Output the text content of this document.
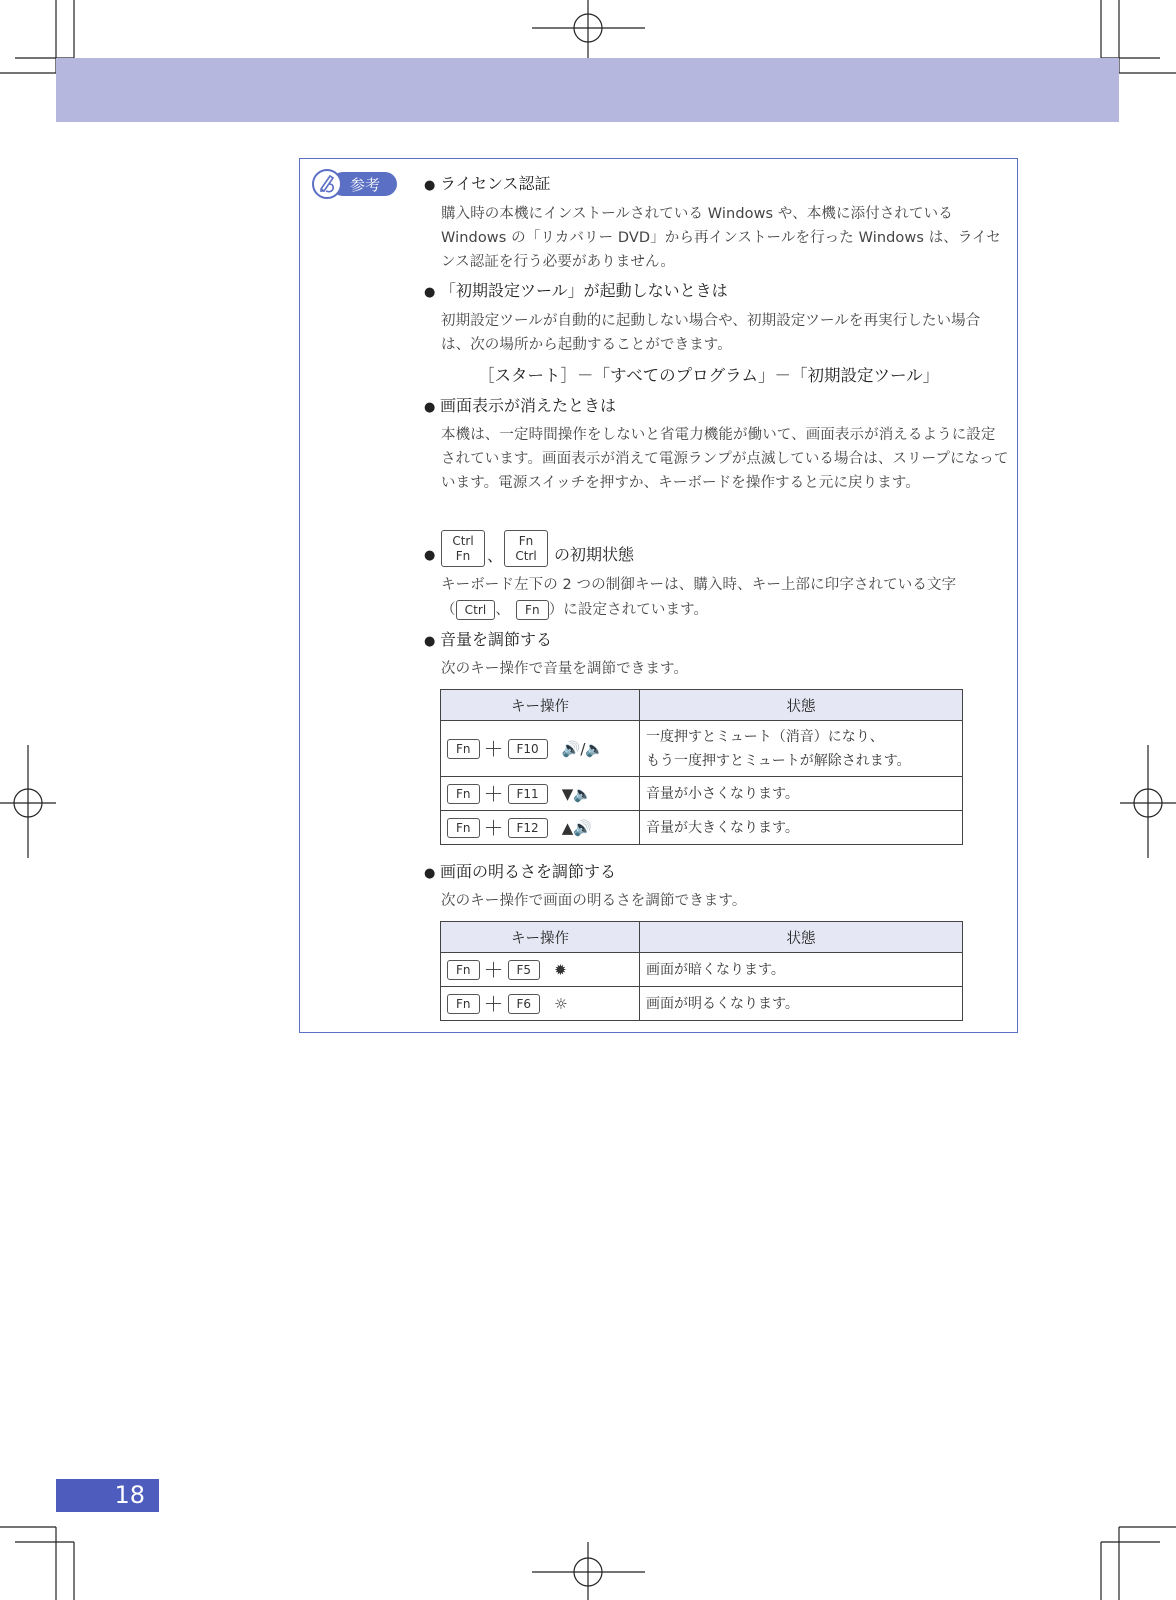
参考	● ライセンス認証
購入時の本機にインストールされている Windows や、本機に添付されている Windows の「リカバリー DVD」から再インストールを行った Windows は、ライセンス認証を行う必要がありません。
● 「初期設定ツール」が起動しないときは
初期設定ツールが自動的に起動しない場合や、初期設定ツールを再実行したい場合は、次の場所から起動することができます。
［スタート］－「すべてのプログラム」－「初期設定ツール」
● 画面表示が消えたときは
本機は、一定時間操作をしないと省電力機能が働いて、画面表示が消えるように設定されています。画面表示が消えて電源ランプが点滅している場合は、スリープになっています。電源スイッチを押すか、キーボードを操作すると元に戻ります。
●
Ctrl
Fn	、
Fn
Ctrl	の初期状態
キーボード左下の 2 つの制御キーは、購入時、キー上部に印字されている文字
（ Ctrl 、 Fn ）に設定されています。
● 音量を調節する
次のキー操作で音量を調節できます。
キー操作	状態
Fn ＋ F10 🔊/🔈	一度押すとミュート（消音）になり、
もう一度押すとミュートが解除されます。
Fn ＋ F11 ▼🔈	音量が小さくなります。
Fn ＋ F12 ▲🔊	音量が大きくなります。
● 画面の明るさを調節する
次のキー操作で画面の明るさを調節できます。
キー操作	状態
Fn ＋ F5 ✹	画面が暗くなります。
Fn ＋ F6 ☼	画面が明るくなります。
18
